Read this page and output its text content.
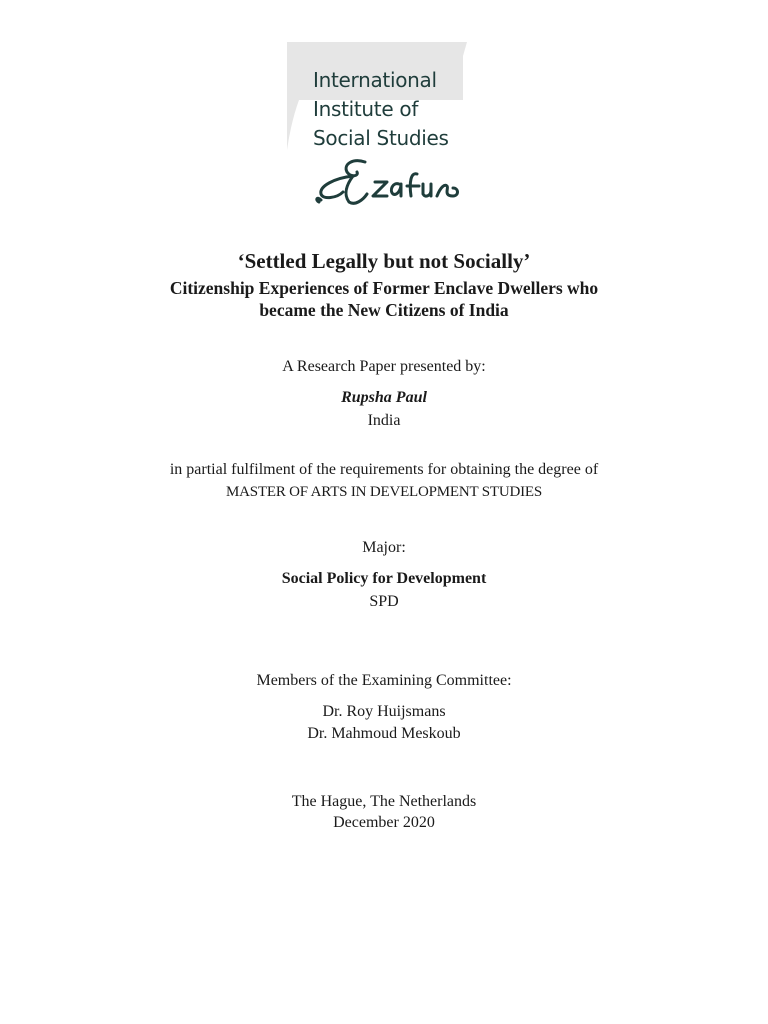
International
Institute of
Social Studies
‘Settled Legally but not Socially’
Citizenship Experiences of Former Enclave Dwellers who
became the New Citizens of India
A Research Paper presented by:
Rupsha Paul
India
in partial fulfilment of the requirements for obtaining the degree of
MASTER OF ARTS IN DEVELOPMENT STUDIES
Major:
Social Policy for Development
SPD
Members of the Examining Committee:
Dr. Roy Huijsmans
Dr. Mahmoud Meskoub
The Hague, The Netherlands
December 2020
